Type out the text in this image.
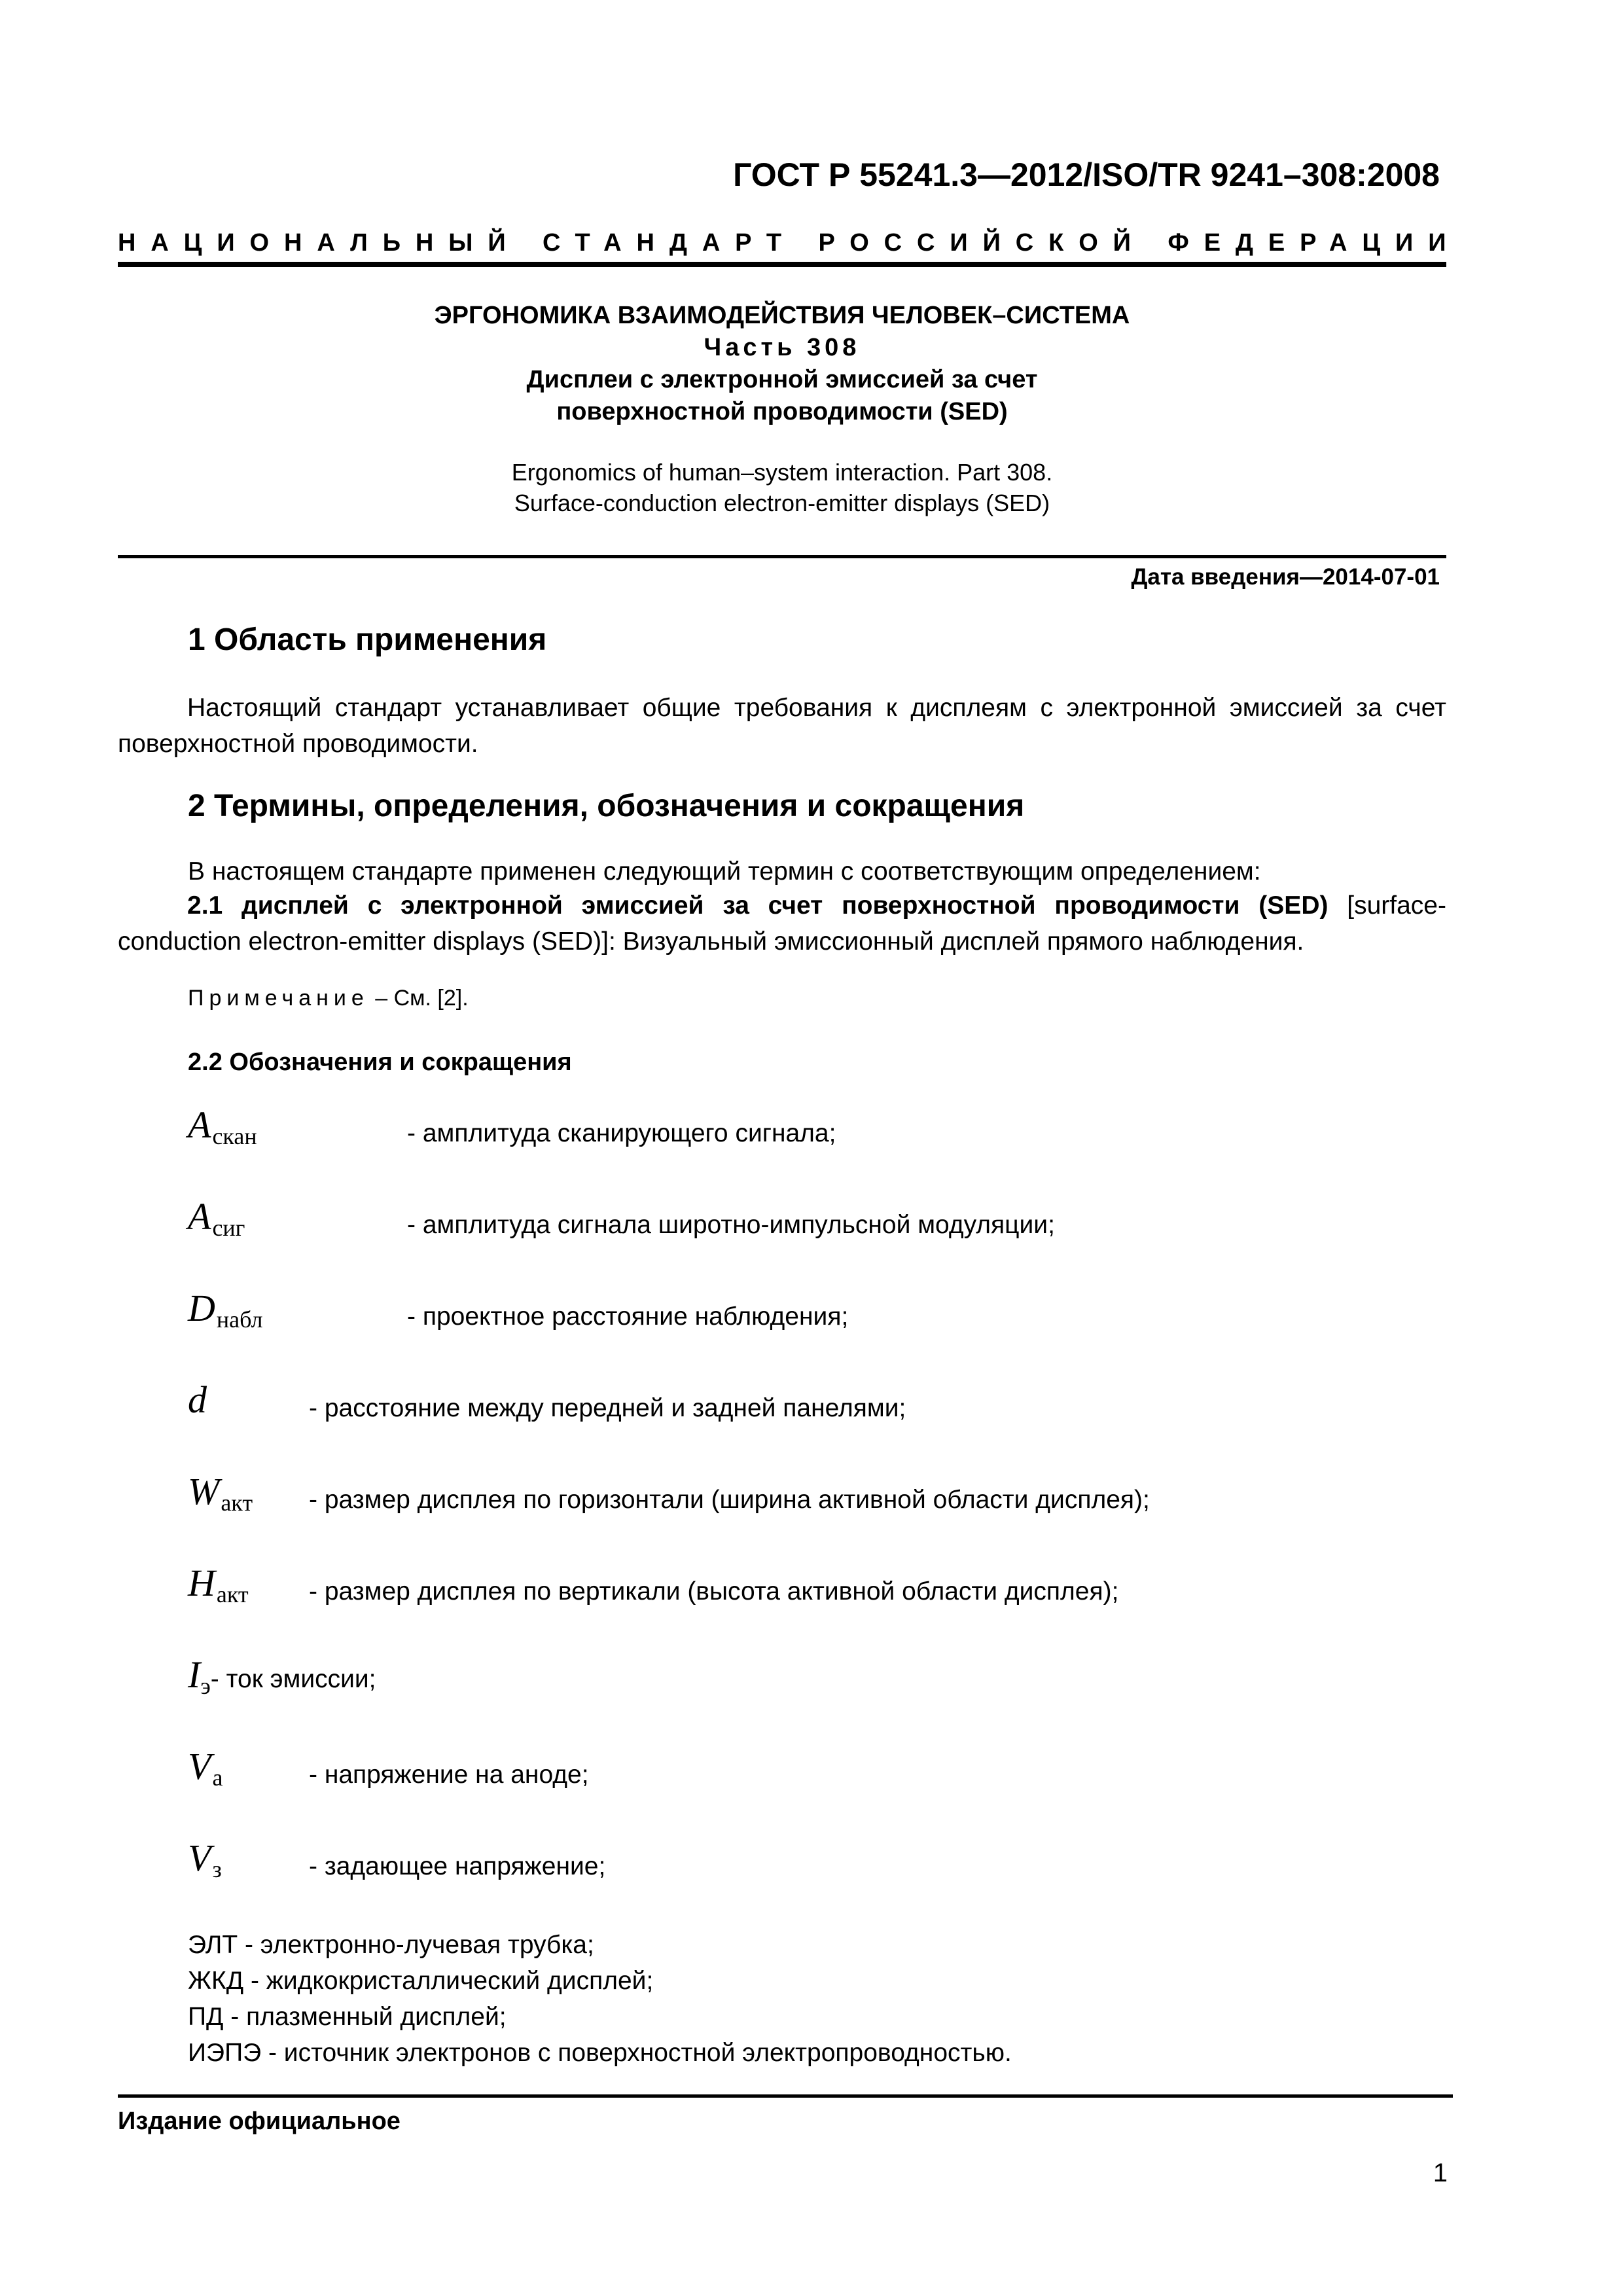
ГОСТ Р 55241.3—2012/ISO/TR 9241–308:2008
НАЦИОНАЛЬНЫЙ СТАНДАРТ РОССИЙСКОЙ ФЕДЕРАЦИИ
ЭРГОНОМИКА ВЗАИМОДЕЙСТВИЯ ЧЕЛОВЕК–СИСТЕМА
Часть 308
Дисплеи с электронной эмиссией за счет
поверхностной проводимости (SED)
Ergonomics of human–system interaction. Part 308.
Surface-conduction electron-emitter displays (SED)
Дата введения—2014-07-01
1 Область применения
Настоящий стандарт устанавливает общие требования к дисплеям с электронной эмиссией за счет поверхностной проводимости.
2 Термины, определения, обозначения и сокращения
В настоящем стандарте применен следующий термин с соответствующим определением:
2.1 дисплей с электронной эмиссией за счет поверхностной проводимости (SED) [surface-conduction electron-emitter displays (SED)]: Визуальный эмиссионный дисплей прямого наблюдения.
Примечание – См. [2].
2.2 Обозначения и сокращения
$A_{скан}$	- амплитуда сканирующего сигнала;
$A_{сиг}$	- амплитуда сигнала широтно-импульсной модуляции;
$D_{набл}$	- проектное расстояние наблюдения;
d	- расстояние между передней и задней панелями;
$W_{акт}$ - размер дисплея по горизонтали (ширина активной области дисплея);
$H_{акт}$ - размер дисплея по вертикали (высота активной области дисплея);
$I_э-$ ток эмиссии;
$V_а$	- напряжение на аноде;
$V_з$	- задающее напряжение;
ЭЛТ - электронно-лучевая трубка;
ЖКД - жидкокристаллический дисплей;
ПД - плазменный дисплей;
ИЭПЭ - источник электронов с поверхностной электропроводностью.
Издание официальное
1
